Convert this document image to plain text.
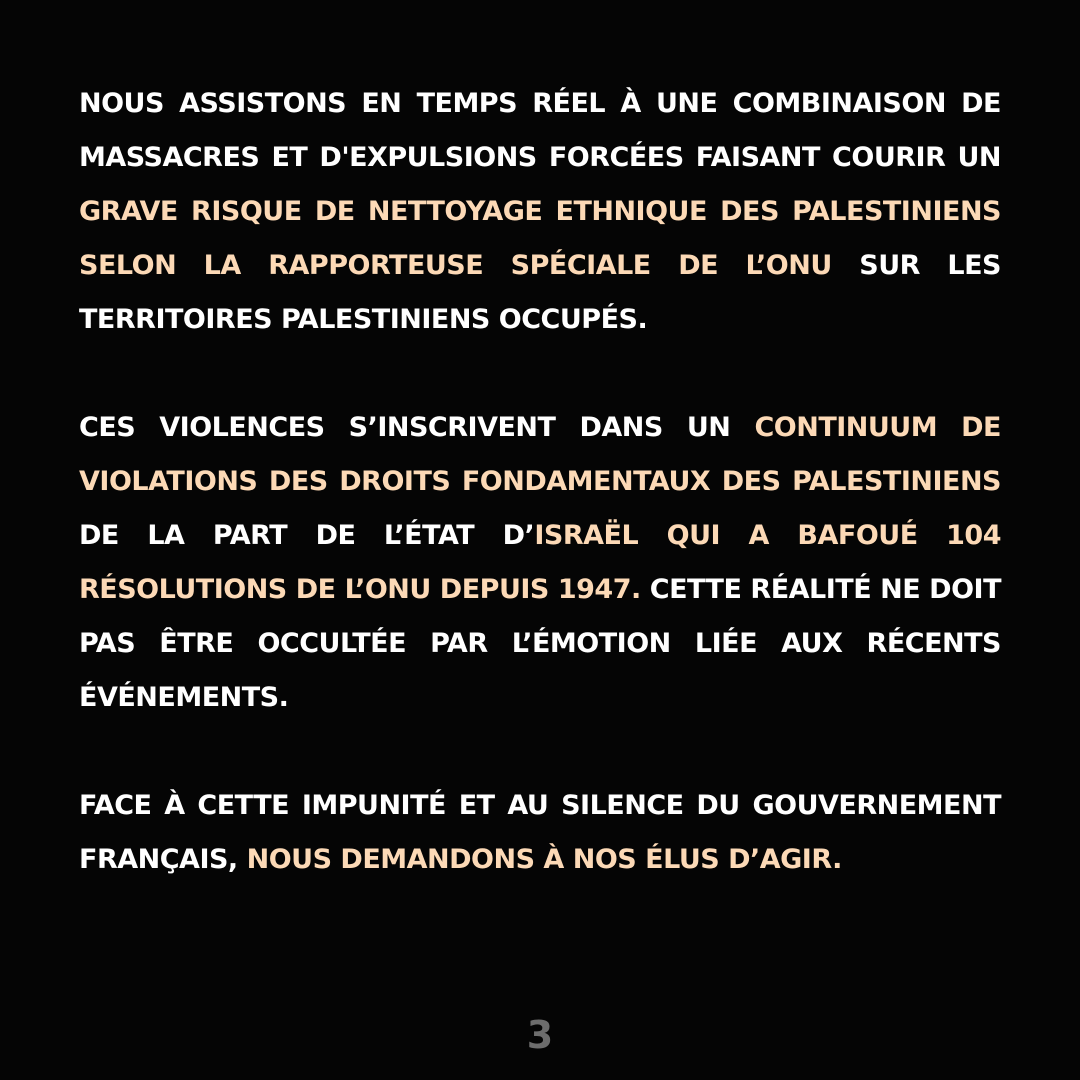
NOUS ASSISTONS EN TEMPS RÉEL À UNE COMBINAISON DE MASSACRES ET D'EXPULSIONS FORCÉES FAISANT COURIR UN GRAVE RISQUE DE NETTOYAGE ETHNIQUE DES PALESTINIENS SELON LA RAPPORTEUSE SPÉCIALE DE L’ONU SUR LES TERRITOIRES PALESTINIENS OCCUPÉS.

CES VIOLENCES S’INSCRIVENT DANS UN CONTINUUM DE VIOLATIONS DES DROITS FONDAMENTAUX DES PALESTINIENS DE LA PART DE L’ÉTAT D’ISRAËL QUI A BAFOUÉ 104 RÉSOLUTIONS DE L’ONU DEPUIS 1947. CETTE RÉALITÉ NE DOIT PAS ÊTRE OCCULTÉE PAR L’ÉMOTION LIÉE AUX RÉCENTS ÉVÉNEMENTS.

FACE À CETTE IMPUNITÉ ET AU SILENCE DU GOUVERNEMENT FRANÇAIS, NOUS DEMANDONS À NOS ÉLUS D’AGIR.

3
